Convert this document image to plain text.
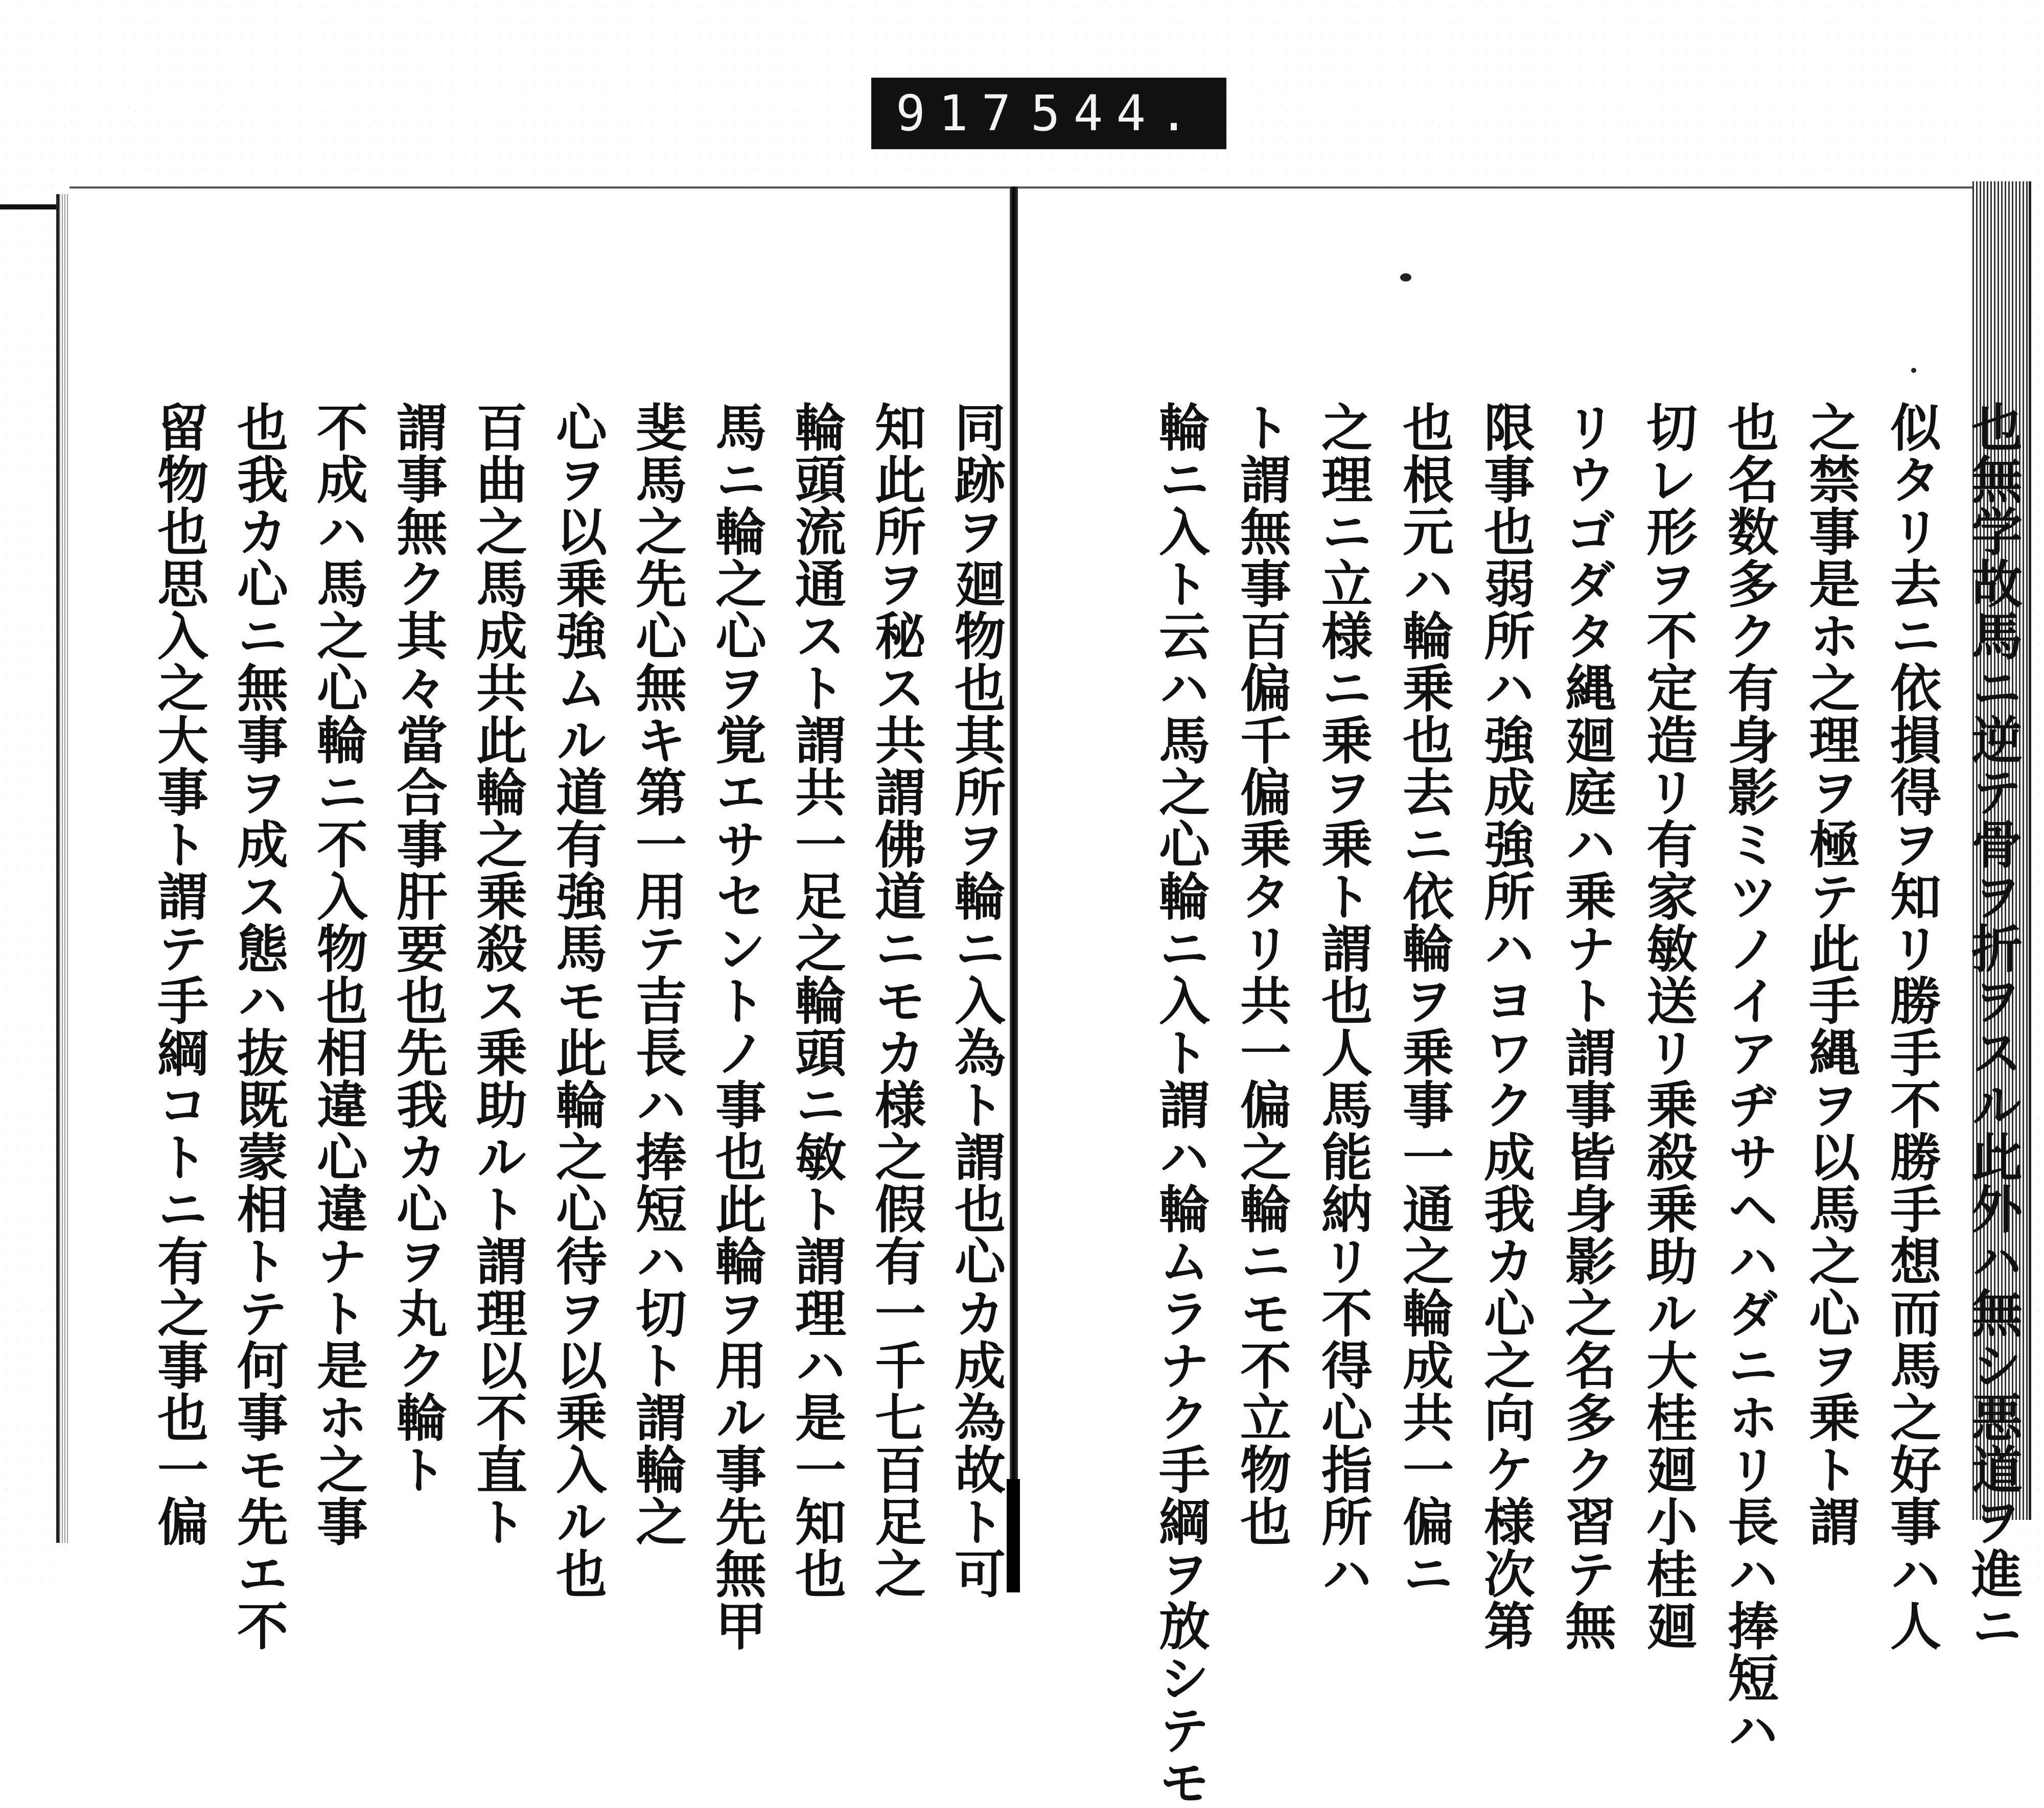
917 544.
也無学故馬ニ逆テ骨ヲ折ヲスル此外ハ無シ悪道ヲ進ニ
似タリ去ニ依損得ヲ知リ勝手不勝手想而馬之好事ハ人
之禁事是ホ之理ヲ極テ此手縄ヲ以馬之心ヲ乗ト謂
也名数多ク有身影ミツノイアヂサヘハダニホリ長ハ捧短ハ
切レ形ヲ不定造リ有家敏送リ乗殺乗助ル大桂廻小桂廻
リウゴダタ縄廻庭ハ乗ナト謂事皆身影之名多ク習テ無
限事也弱所ハ強成強所ハヨワク成我カ心之向ケ様次第
也根元ハ輪乗也去ニ依輪ヲ乗事一通之輪成共一偏ニ
之理ニ立様ニ乗ヲ乗ト謂也人馬能納リ不得心指所ハ
ト謂無事百偏千偏乗タリ共一偏之輪ニモ不立物也
輪ニ入ト云ハ馬之心輪ニ入ト謂ハ輪ムラナク手綱ヲ放シテモ
同跡ヲ廻物也其所ヲ輪ニ入為ト謂也心カ成為故ト可
知此所ヲ秘ス共謂佛道ニモカ様之假有一千七百足之
輪頭流通スト謂共一足之輪頭ニ敏ト謂理ハ是一知也
馬ニ輪之心ヲ覚エサセントノ事也此輪ヲ用ル事先無甲
斐馬之先心無キ第一用テ吉長ハ捧短ハ切ト謂輪之
心ヲ以乗強ムル道有強馬モ此輪之心待ヲ以乗入ル也
百曲之馬成共此輪之乗殺ス乗助ルト謂理以不直ト
謂事無ク其々當合事肝要也先我カ心ヲ丸ク輪ト
不成ハ馬之心輪ニ不入物也相違心違ナト是ホ之事
也我カ心ニ無事ヲ成ス態ハ抜既蒙相トテ何事モ先エ不
留物也思入之大事ト謂テ手綱コトニ有之事也一偏
